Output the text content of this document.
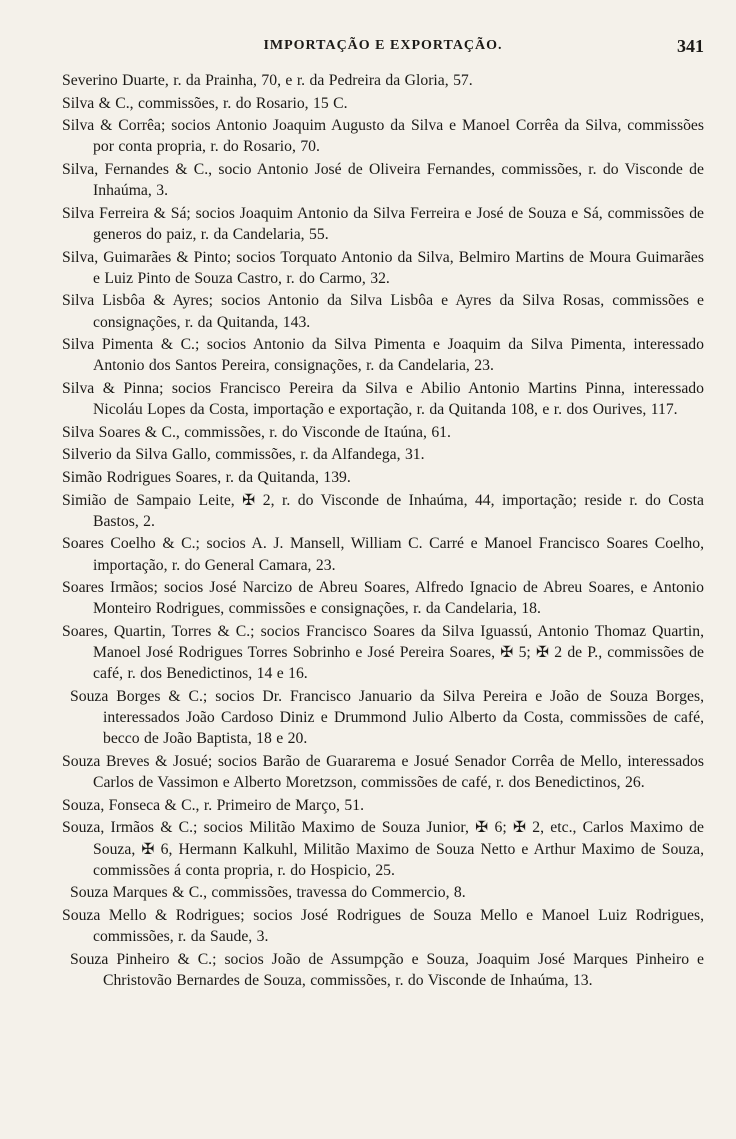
IMPORTAÇÃO E EXPORTAÇÃO.	341

Severino Duarte, r. da Prainha, 70, e r. da Pedreira da Gloria, 57.

Silva & C., commissões, r. do Rosario, 15 C.

Silva & Corrêa; socios Antonio Joaquim Augusto da Silva e Manoel Corrêa da Silva, commissões por conta propria, r. do Rosario, 70.

Silva, Fernandes & C., socio Antonio José de Oliveira Fernandes, commissões, r. do Visconde de Inhaúma, 3.

Silva Ferreira & Sá; socios Joaquim Antonio da Silva Ferreira e José de Souza e Sá, commissões de generos do paiz, r. da Candelaria, 55.

Silva, Guimarães & Pinto; socios Torquato Antonio da Silva, Belmiro Martins de Moura Guimarães e Luiz Pinto de Souza Castro, r. do Carmo, 32.

Silva Lisbôa & Ayres; socios Antonio da Silva Lisbôa e Ayres da Silva Rosas, commissões e consignações, r. da Quitanda, 143.

Silva Pimenta & C.; socios Antonio da Silva Pimenta e Joaquim da Silva Pimenta, interessado Antonio dos Santos Pereira, consignações, r. da Candelaria, 23.

Silva & Pinna; socios Francisco Pereira da Silva e Abilio Antonio Martins Pinna, interessado Nicoláu Lopes da Costa, importação e exportação, r. da Quitanda 108, e r. dos Ourives, 117.

Silva Soares & C., commissões, r. do Visconde de Itaúna, 61.

Silverio da Silva Gallo, commissões, r. da Alfandega, 31.

Simão Rodrigues Soares, r. da Quitanda, 139.

Simião de Sampaio Leite, ✠ 2, r. do Visconde de Inhaúma, 44, importação; reside r. do Costa Bastos, 2.

Soares Coelho & C.; socios A. J. Mansell, William C. Carré e Manoel Francisco Soares Coelho, importação, r. do General Camara, 23.

Soares Irmãos; socios José Narcizo de Abreu Soares, Alfredo Ignacio de Abreu Soares, e Antonio Monteiro Rodrigues, commissões e consignações, r. da Candelaria, 18.

Soares, Quartin, Torres & C.; socios Francisco Soares da Silva Iguassú, Antonio Thomaz Quartin, Manoel José Rodrigues Torres Sobrinho e José Pereira Soares, ✠ 5; ✠ 2 de P., commissões de café, r. dos Benedictinos, 14 e 16.

Souza Borges & C.; socios Dr. Francisco Januario da Silva Pereira e João de Souza Borges, interessados João Cardoso Diniz e Drummond Julio Alberto da Costa, commissões de café, becco de João Baptista, 18 e 20.

Souza Breves & Josué; socios Barão de Guararema e Josué Senador Corrêa de Mello, interessados Carlos de Vassimon e Alberto Moretzson, commissões de café, r. dos Benedictinos, 26.

Souza, Fonseca & C., r. Primeiro de Março, 51.

Souza, Irmãos & C.; socios Militão Maximo de Souza Junior, ✠ 6; ✠ 2, etc., Carlos Maximo de Souza, ✠ 6, Hermann Kalkuhl, Militão Maximo de Souza Netto e Arthur Maximo de Souza, commissões á conta propria, r. do Hospicio, 25.

Souza Marques & C., commissões, travessa do Commercio, 8.

Souza Mello & Rodrigues; socios José Rodrigues de Souza Mello e Manoel Luiz Rodrigues, commissões, r. da Saude, 3.

Souza Pinheiro & C.; socios João de Assumpção e Souza, Joaquim José Marques Pinheiro e Christovão Bernardes de Souza, commissões, r. do Visconde de Inhaúma, 13.
